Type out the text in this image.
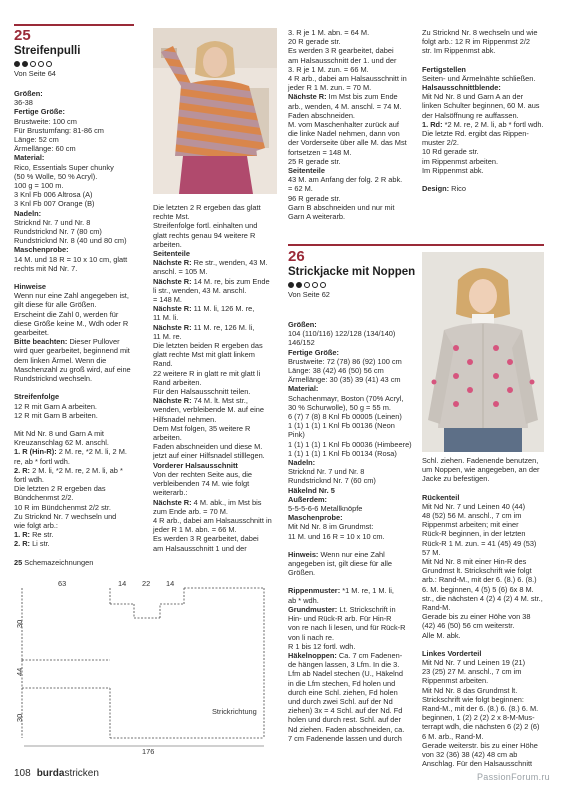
25
Streifenpulli
Von Seite 64

Größen:

36-38

Fertige Größe:

Brustweite: 100 cm

Für Brustumfang: 81-86 cm

Länge: 52 cm

Ärmellänge: 60 cm

Material:

Rico, Essentials Super chunky

(50 % Wolle, 50 % Acryl).

100 g = 100 m.

3 Knl Fb 006 Altrosa (A)

3 Knl Fb 007 Orange (B)

Nadeln:

Stricknd Nr. 7 und Nr. 8

Rundstricknd Nr. 7 (80 cm)

Rundstricknd Nr. 8 (40 und 80 cm)

Maschenprobe:

14 M. und 18 R = 10 x 10 cm, glatt

rechts mit Nd Nr. 7.

Hinweise

Wenn nur eine Zahl angegeben ist,

gilt diese für alle Größen.

Erscheint die Zahl 0, werden für

diese Größe keine M., Wdh oder R

gearbeitet.

Bitte beachten: Dieser Pullover

wird quer gearbeitet, beginnend mit

dem linken Ärmel. Wenn die

Maschenzahl zu groß wird, auf eine

Rundstricknd wechseln.

Streifenfolge

12 R mit Garn A arbeiten.

12 R mit Garn B arbeiten.

Mit Nd Nr. 8 und Garn A mit

Kreuzanschlag 62 M. anschl.

1. R (Hin-R): 2 M. re, *2 M. li, 2 M.

re, ab * fortl wdh.

2. R: 2 M. li, *2 M. re, 2 M. li, ab *

fortl wdh.

Die letzten 2 R ergeben das

Bündchenmst 2/2.

10 R im Bündchenmst 2/2 str.

Zu Stricknd Nr. 7 wechseln und

wie folgt arb.:

1. R: Re str.

2. R: Li str.

25 Schemazeichnungen

Die letzten 2 R ergeben das glatt

rechte Mst.

Streifenfolge fortl. einhalten und

glatt rechts genau 94 weitere R

arbeiten.

Seitenteile

Nächste R: Re str., wenden, 43 M.

anschl. = 105 M.

Nächste R: 14 M. re, bis zum Ende

li str., wenden, 43 M. anschl.

= 148 M.

Nächste R: 11 M. li, 126 M. re,

11 M. li.

Nächste R: 11 M. re, 126 M. li,

11 M. re.

Die letzten beiden R ergeben das

glatt rechte Mst mit glatt linkem

Rand.

22 weitere R in glatt re mit glatt li

Rand arbeiten.

Für den Halsausschnitt teilen.

Nächste R: 74 M. lt. Mst str.,

wenden, verbleibende M. auf eine

Hilfsnadel nehmen.

Dem Mst folgen, 35 weitere R

arbeiten.

Faden abschneiden und diese M.

jetzt auf einer Hilfsnadel stilllegen.

Vorderer Halsausschnitt

Von der rechten Seite aus, die

verbleibenden 74 M. wie folgt

weiterarb.:

Nächste R: 4 M. abk., im Mst bis

zum Ende arb. = 70 M.

4 R arb., dabei am Halsausschnitt in

jeder R 1 M. abn. = 66 M.

Es werden 3 R gearbeitet, dabei

am Halsausschnitt 1 und der

3. R je 1 M. abn. = 64 M.

20 R gerade str.

Es werden 3 R gearbeitet, dabei

am Halsausschnitt der 1. und der

3. R je 1 M. zun. = 66 M.

4 R arb., dabei am Halsausschnitt in

jeder R 1 M. zun. = 70 M.

Nächste R: Im Mst bis zum Ende

arb., wenden, 4 M. anschl. = 74 M.

Faden abschneiden.

M. vom Maschenhalter zurück auf

die linke Nadel nehmen, dann von

der Vorderseite über alle M. das Mst

fortsetzen = 148 M.

25 R gerade str.

Seitenteile

43 M. am Anfang der folg. 2 R abk.

= 62 M.

96 R gerade str.

Garn B abschneiden und nur mit

Garn A weiterarb.

Zu Stricknd Nr. 8 wechseln und wie

folgt arb.: 12 R im Rippenmst 2/2

str. Im Rippenmst abk.

Fertigstellen

Seiten- und Ärmelnähte schließen.

Halsausschnittblende:

Mit Nd Nr. 8 und Garn A an der

linken Schulter beginnen, 60 M. aus

der Halsöffnung re auffassen.

1. Rd: *2 M. re, 2 M. li, ab * fortl wdh.

Die letzte Rd. ergibt das Rippen-

muster 2/2.

10 Rd gerade str.

im Rippenmst arbeiten.

Im Rippenmst abk.

Design: Rico

26
Strickjacke mit Noppen
Von Seite 62

Größen:

104 (110/116) 122/128 (134/140)

146/152

Fertige Größe:

Brustweite: 72 (78) 86 (92) 100 cm

Länge: 38 (42) 46 (50) 56 cm

Ärmellänge: 30 (35) 39 (41) 43 cm

Material:

Schachenmayr, Boston (70% Acryl,

30 % Schurwolle), 50 g = 55 m.

6 (7) 7 (8) 8 Knl Fb 00005 (Leinen)

1 (1) 1 (1) 1 Knl Fb 00136 (Neon

Pink)

1 (1) 1 (1) 1 Knl Fb 00036 (Himbeere)

1 (1) 1 (1) 1 Knl Fb 00134 (Rosa)

Nadeln:

Stricknd Nr. 7 und Nr. 8

Rundstricknd Nr. 7 (60 cm)

Häkelnd Nr. 5

Außerdem:

5-5-5-6-6 Metallknöpfe

Maschenprobe:

Mit Nd Nr. 8 im Grundmst:

11 M. und 16 R = 10 x 10 cm.

Hinweis: Wenn nur eine Zahl

angegeben ist, gilt diese für alle

Größen.

Rippenmuster: *1 M. re, 1 M. li,

ab * wdh.

Grundmuster: Lt. Strickschrift in

Hin- und Rück-R arb. Für Hin-R

von re nach li lesen, und für Rück-R

von li nach re.

R 1 bis 12 fortl. wdh.

Häkelnoppen: Ca. 7 cm Fadenen-

de hängen lassen, 3 Lfm. In die 3.

Lfm ab Nadel stechen (U., Häkelnd

in die Lfm stechen, Fd holen und

durch eine Schl. ziehen, Fd holen

und durch zwei Schl. auf der Nd

ziehen) 3x = 4 Schl. auf der Nd. Fd

holen und durch rest. Schl. auf der

Nd ziehen. Faden abschneiden, ca.

7 cm Fadenende lassen und durch

Schl. ziehen. Fadenende benutzen,

um Noppen, wie angegeben, an der

Jacke zu befestigen.

Rückenteil

Mit Nd Nr. 7 und Leinen 40 (44)

48 (52) 56 M. anschl., 7 cm im

Rippenmst arbeiten; mit einer

Rück-R beginnen, in der letzten

Rück-R 1 M. zun. = 41 (45) 49 (53)

57 M.

Mit Nd Nr. 8 mit einer Hin-R des

Grundmst lt. Strickschrift wie folgt

arb.: Rand-M., mit der 6. (8.) 6. (8.)

6. M. beginnen, 4 (5) 5 (6) 6x 8 M.

str., die nächsten 4 (2) 4 (2) 4 M. str.,

Rand-M.

Gerade bis zu einer Höhe von 38

(42) 46 (50) 56 cm weiterstr.

Alle M. abk.

Linkes Vorderteil

Mit Nd Nr. 7 und Leinen 19 (21)

23 (25) 27 M. anschl., 7 cm im

Rippenmst arbeiten.

Mit Nd Nr. 8 das Grundmst lt.

Strickschrift wie folgt beginnen:

Rand-M., mit der 6. (8.) 6. (8.) 6. M.

beginnen, 1 (2) 2 (2) 2 x 8-M-Mus-

terrapt wdh, die nächsten 6 (2) 2 (6)

6 M. arb., Rand-M.

Gerade weiterstr. bis zu einer Höhe

von 32 (36) 38 (42) 48 cm ab

Anschlag. Für den Halsausschnitt

63	14 22 14
30
44
30
176
Strickrichtung
108 burdastricken	PassionForum.ru
